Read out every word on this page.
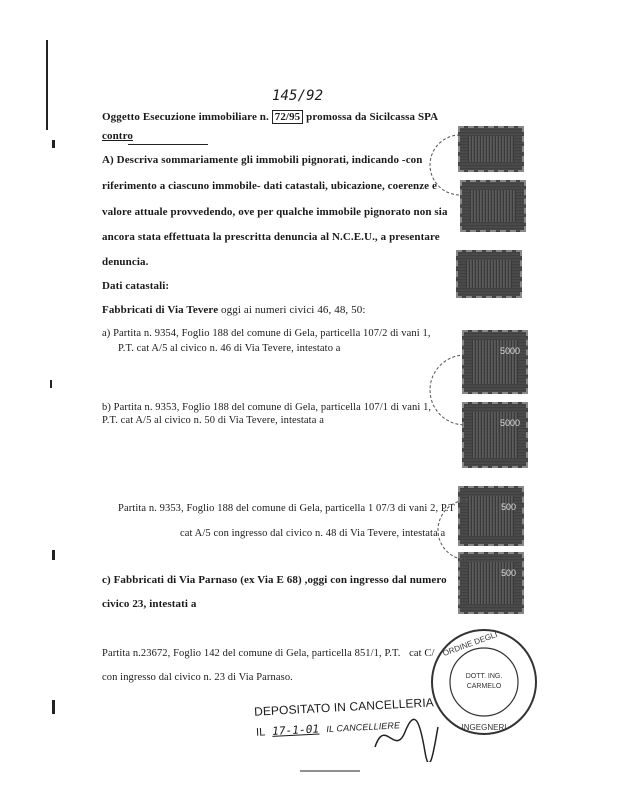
145/92
Oggetto Esecuzione immobiliare n. 72/95 promossa da Sicilcassa SPA
contro
A) Descriva sommariamente gli immobili pignorati, indicando -con
riferimento a ciascuno immobile- dati catastali, ubicazione, coerenze e
valore attuale provvedendo, ove per qualche immobile pignorato non sia
ancora stata effettuata la prescritta denuncia al N.C.E.U., a presentare
denuncia.
Dati catastali:
Fabbricati di Via Tevere oggi ai numeri civici 46, 48, 50:
a) Partita n. 9354, Foglio 188 del comune di Gela, particella 107/2 di vani 1,
P.T. cat A/5 al civico n. 46 di Via Tevere, intestato a
b) Partita n. 9353, Foglio 188 del comune di Gela, particella 107/1 di vani 1,
P.T. cat A/5 al civico n. 50 di Via Tevere, intestata a
Partita n. 9353, Foglio 188 del comune di Gela, particella 1 07/3 di vani 2, P.T
cat A/5 con ingresso dal civico n. 48 di Via Tevere, intestata a
c) Fabbricati di Via Parnaso (ex Via E 68) ,oggi con ingresso dal numero
civico 23, intestati a
Partita n.23672, Foglio 142 del comune di Gela, particella 851/1, P.T. cat C/
con ingresso dal civico n. 23 di Via Parnaso.
5000
5000
500
500
ORDINE DEGLI
INGEGNERI
DOTT. ING.
CARMELO
DEPOSITATO IN CANCELLERIA
IL 17-1-01 IL CANCELLIERE
